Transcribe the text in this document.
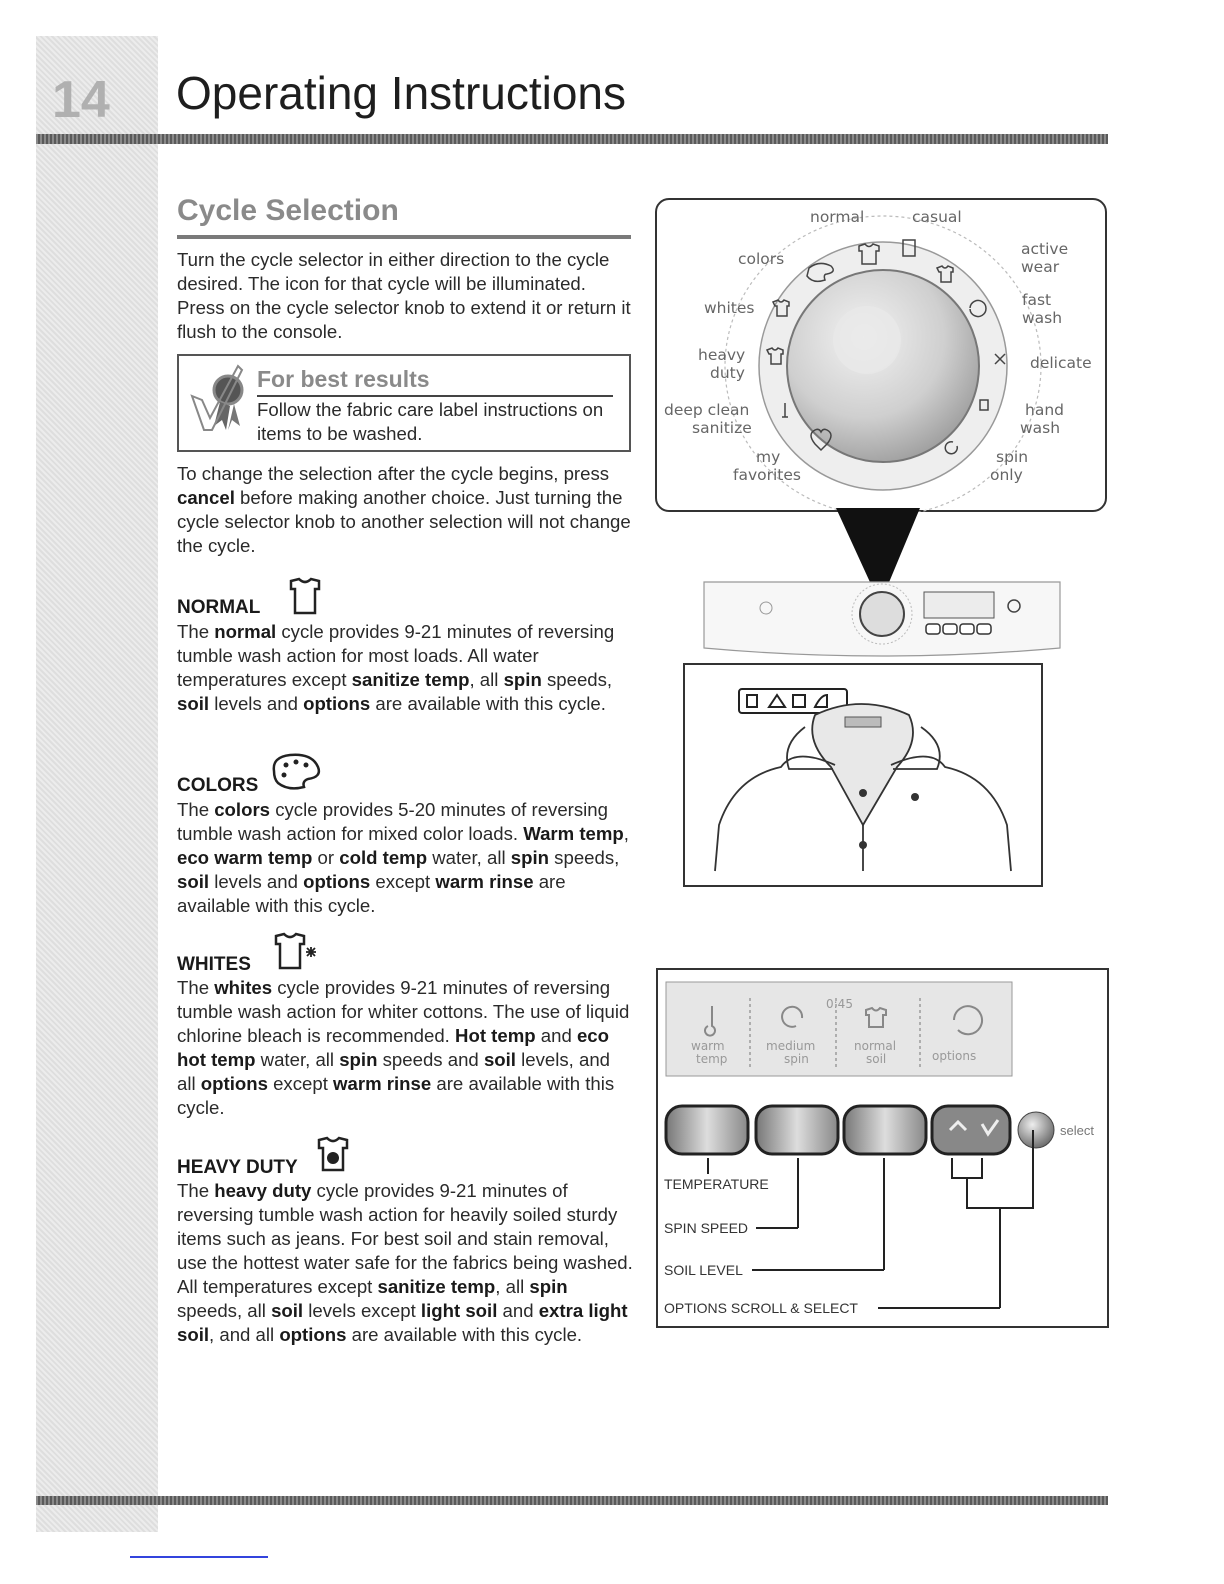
14 Operating Instructions
Cycle Selection
Turn the cycle selector in either direction to the cycle desired. The icon for that cycle will be illuminated. Press on the cycle selector knob to extend it or return it flush to the console.
For best results
Follow the fabric care label instructions on items to be washed.
To change the selection after the cycle begins, press cancel before making another choice. Just turning the cycle selector knob to another selection will not change the cycle.
NORMAL
The normal cycle provides 9-21 minutes of reversing tumble wash action for most loads. All water temperatures except sanitize temp, all spin speeds, soil levels and options are available with this cycle.
COLORS
The colors cycle provides 5-20 minutes of reversing tumble wash action for mixed color loads. Warm temp, eco warm temp or cold temp water, all spin speeds, soil levels and options except warm rinse are available with this cycle.
WHITES
The whites cycle provides 9-21 minutes of reversing tumble wash action for whiter cottons. The use of liquid chlorine bleach is recommended. Hot temp and eco hot temp water, all spin speeds and soil levels, and all options except warm rinse are available with this cycle.
HEAVY DUTY
The heavy duty cycle provides 9-21 minutes of reversing tumble wash action for heavily soiled sturdy items such as jeans. For best soil and stain removal, use the hottest water safe for the fabrics being washed. All temperatures except sanitize temp, all spin speeds, all soil levels except light soil and extra light soil, and all options are available with this cycle.
normal	casual
active
wear
fast
wash
delicate
hand
wash
spin
only
my
favorites
deep clean
sanitize
heavy
duty
whites
colors
0:45
warm
temp
medium
spin
normal
soil	options
select
TEMPERATURE
SPIN SPEED
SOIL LEVEL
OPTIONS SCROLL & SELECT
